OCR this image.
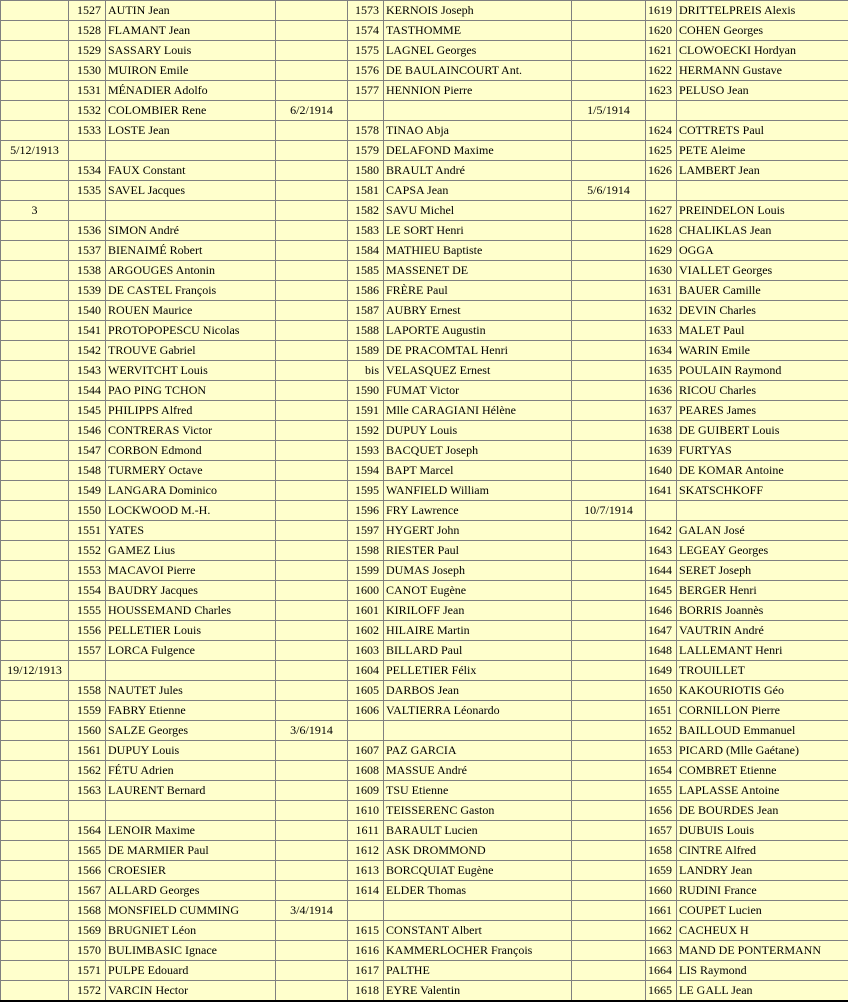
	1527	AUTIN Jean		1573	KERNOIS Joseph		1619	DRITTELPREIS Alexis
	1528	FLAMANT Jean		1574	TASTHOMME		1620	COHEN Georges
	1529	SASSARY Louis		1575	LAGNEL Georges		1621	CLOWOECKI Hordyan
	1530	MUIRON Emile		1576	DE BAULAINCOURT Ant.		1622	HERMANN Gustave
	1531	MÉNADIER Adolfo		1577	HENNION Pierre		1623	PELUSO Jean
	1532	COLOMBIER Rene	6/2/1914			1/5/1914		
	1533	LOSTE Jean		1578	TINAO Abja		1624	COTTRETS Paul
5/12/1913				1579	DELAFOND Maxime		1625	PETE Aleime
	1534	FAUX Constant		1580	BRAULT André		1626	LAMBERT Jean
	1535	SAVEL Jacques		1581	CAPSA Jean	5/6/1914		
3				1582	SAVU Michel		1627	PREINDELON Louis
	1536	SIMON André		1583	LE SORT Henri		1628	CHALIKLAS Jean
	1537	BIENAIMÉ Robert		1584	MATHIEU Baptiste		1629	OGGA
	1538	ARGOUGES Antonin		1585	MASSENET DE		1630	VIALLET Georges
	1539	DE CASTEL François		1586	FRÈRE Paul		1631	BAUER Camille
	1540	ROUEN Maurice		1587	AUBRY Ernest		1632	DEVIN Charles
	1541	PROTOPOPESCU Nicolas		1588	LAPORTE Augustin		1633	MALET Paul
	1542	TROUVE Gabriel		1589	DE PRACOMTAL Henri		1634	WARIN Emile
	1543	WERVITCHT Louis		bis	VELASQUEZ Ernest		1635	POULAIN Raymond
	1544	PAO PING TCHON		1590	FUMAT Victor		1636	RICOU Charles
	1545	PHILIPPS Alfred		1591	Mlle CARAGIANI Hélène		1637	PEARES James
	1546	CONTRERAS Victor		1592	DUPUY Louis		1638	DE GUIBERT Louis
	1547	CORBON Edmond		1593	BACQUET Joseph		1639	FURTYAS
	1548	TURMERY Octave		1594	BAPT Marcel		1640	DE KOMAR Antoine
	1549	LANGARA Dominico		1595	WANFIELD William		1641	SKATSCHKOFF
	1550	LOCKWOOD M.-H.		1596	FRY Lawrence	10/7/1914		
	1551	YATES		1597	HYGERT John		1642	GALAN José
	1552	GAMEZ Lius		1598	RIESTER Paul		1643	LEGEAY Georges
	1553	MACAVOI Pierre		1599	DUMAS Joseph		1644	SERET Joseph
	1554	BAUDRY Jacques		1600	CANOT Eugène		1645	BERGER Henri
	1555	HOUSSEMAND Charles		1601	KIRILOFF Jean		1646	BORRIS Joannès
	1556	PELLETIER Louis		1602	HILAIRE Martin		1647	VAUTRIN André
	1557	LORCA Fulgence		1603	BILLARD Paul		1648	LALLEMANT Henri
19/12/1913				1604	PELLETIER Félix		1649	TROUILLET
	1558	NAUTET Jules		1605	DARBOS Jean		1650	KAKOURIOTIS Géo
	1559	FABRY Etienne		1606	VALTIERRA Léonardo		1651	CORNILLON Pierre
	1560	SALZE Georges	3/6/1914				1652	BAILLOUD Emmanuel
	1561	DUPUY Louis		1607	PAZ GARCIA		1653	PICARD (Mlle Gaétane)
	1562	FÉTU Adrien		1608	MASSUE André		1654	COMBRET Etienne
	1563	LAURENT Bernard		1609	TSU Etienne		1655	LAPLASSE Antoine
				1610	TEISSERENC Gaston		1656	DE BOURDES Jean
	1564	LENOIR Maxime		1611	BARAULT Lucien		1657	DUBUIS Louis
	1565	DE MARMIER Paul		1612	ASK DROMMOND		1658	CINTRE Alfred
	1566	CROESIER		1613	BORCQUIAT Eugène		1659	LANDRY Jean
	1567	ALLARD Georges		1614	ELDER Thomas		1660	RUDINI France
	1568	MONSFIELD CUMMING	3/4/1914				1661	COUPET Lucien
	1569	BRUGNIET Léon		1615	CONSTANT Albert		1662	CACHEUX H
	1570	BULIMBASIC Ignace		1616	KAMMERLOCHER François		1663	MAND DE PONTERMANN
	1571	PULPE Edouard		1617	PALTHE		1664	LIS Raymond
	1572	VARCIN Hector		1618	EYRE Valentin		1665	LE GALL Jean
